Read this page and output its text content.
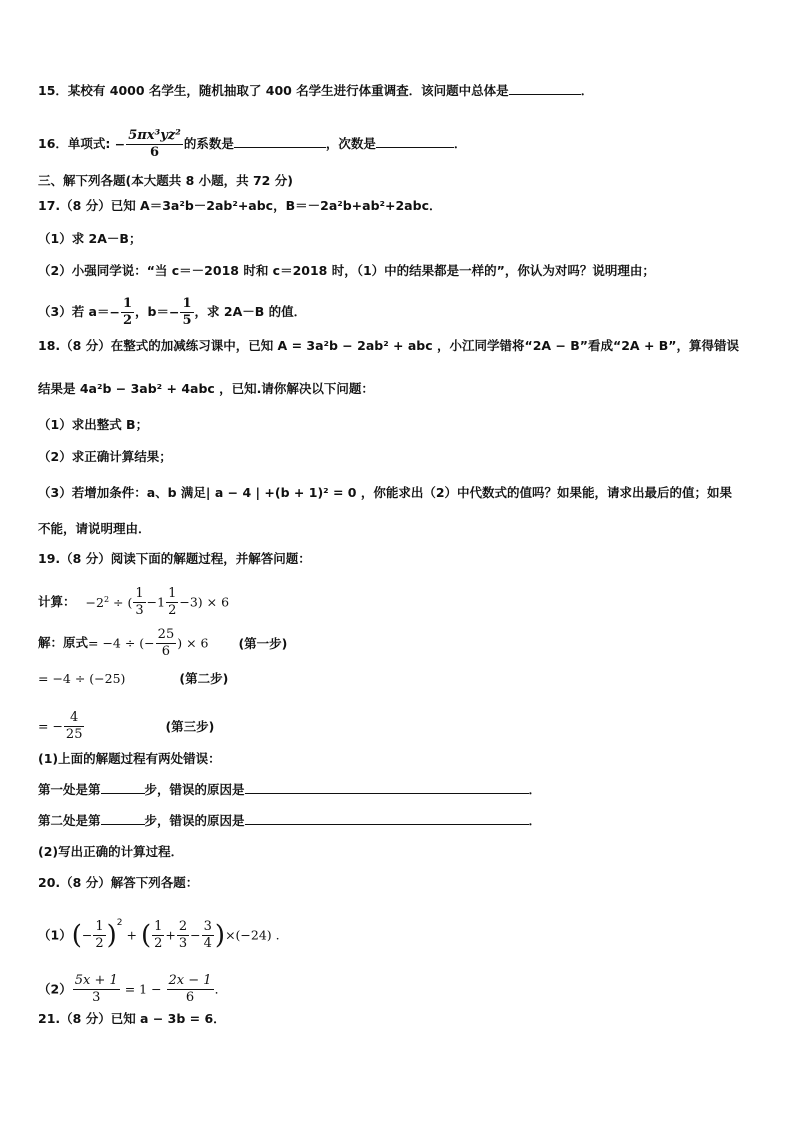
15．某校有 4000 名学生，随机抽取了 400 名学生进行体重调查．该问题中总体是	．
16．单项式: − $\frac{\text{5πx³yz²}}{6}$ 的系数是	，次数是	．
三、解下列各题(本大题共 8 小题，共 72 分)
17.（8 分）已知 A＝3a²b－2ab²+abc，B＝－2a²b+ab²+2abc．
（1）求 2A－B；
（2）小强同学说：“当 c＝－2018 时和 c＝2018 时，（1）中的结果都是一样的”，你认为对吗？说明理由；
（3）若 $a=- \frac{1}{2}$ ，$b=- \frac{1}{5}$ ，求 2A－B 的值．
18.（8 分）在整式的加减练习课中，已知 A = 3a²b − 2ab² + abc ，小江同学错将“2A − B”看成“2A + B”，算得错误
结果是 4a²b − 3ab² + 4abc ，已知.请你解决以下问题：
（1）求出整式 B；
（2）求正确计算结果；
（3）若增加条件：a、b 满足| a − 4 | +(b + 1)² = 0 ，你能求出（2）中代数式的值吗？如果能，请求出最后的值；如果
不能，请说明理由．
19.（8 分）阅读下面的解题过程，并解答问题：
计算： $-2^2$ ÷ ( $\frac{1}{3} -1 \frac{1}{2} -3) \times 6$
解：原式= −4 ÷ (− $\frac{25}{6}$ ) × 6 (第一步)
= −4 ÷ (−25)	(第二步)
= − $\frac{4}{25}$	(第三步)
(1)上面的解题过程有两处错误：
第一处是第	步，错误的原因是	．
第二处是第	步，错误的原因是	．
(2)写出正确的计算过程．
20.（8 分）解答下列各题：
$(1)(- \frac{1}{2} )^2$ + ( $\frac{1}{2} + \frac{2}{3} - \frac{3}{4} )\times(-24)$ .
$(2) \frac{5x + 1}{3} = 1 - \frac{2x - 1}{6}$ ．
21.（8 分）已知 a − 3b = 6．
